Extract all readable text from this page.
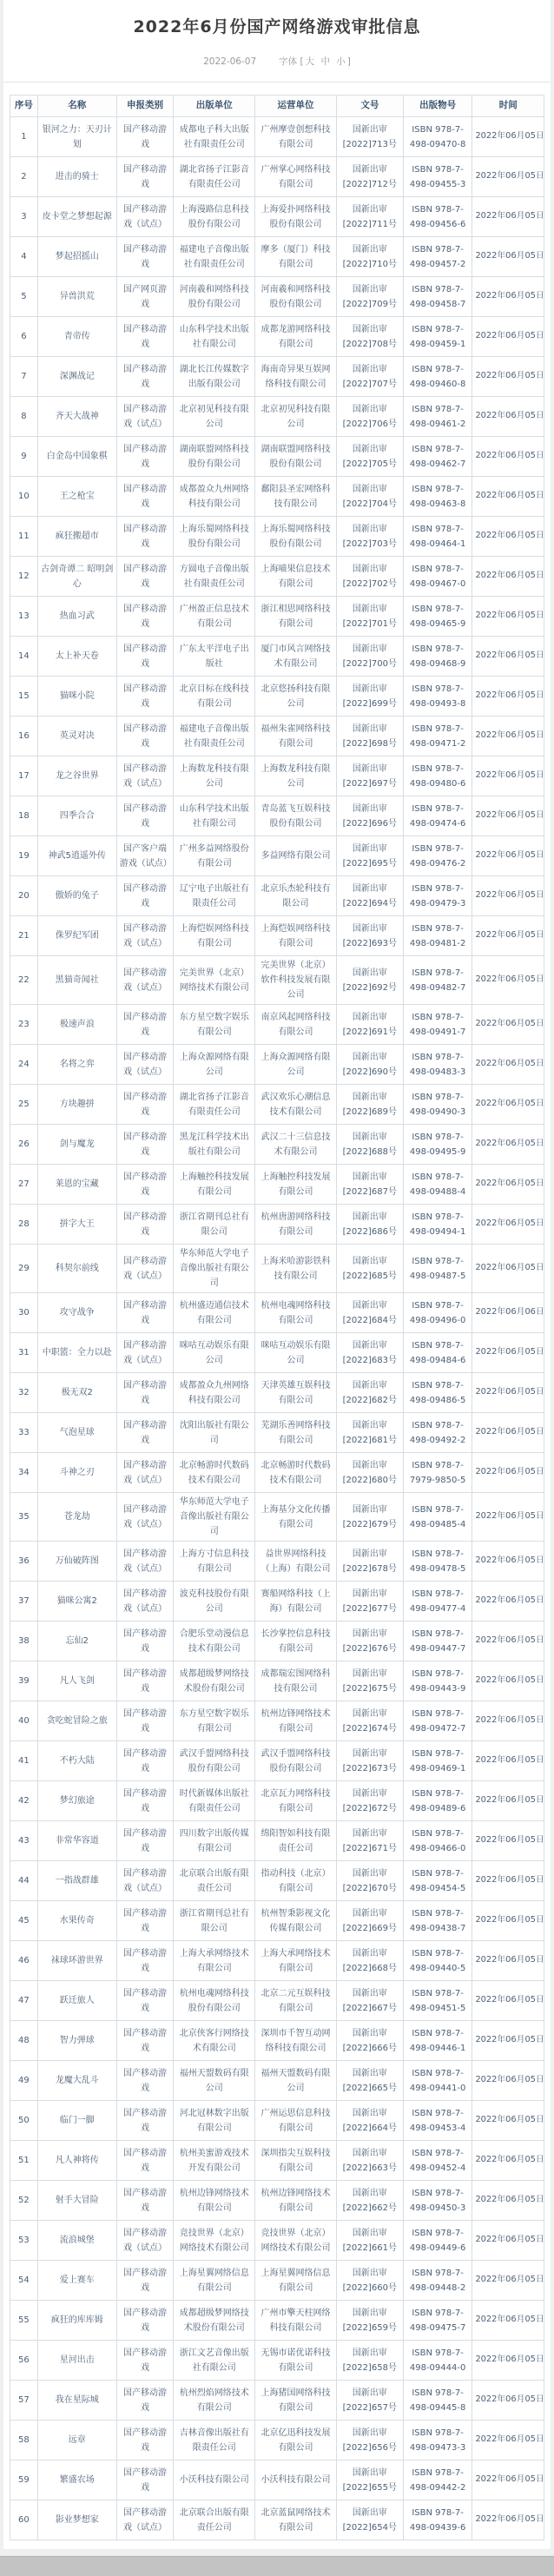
2022年6月份国产网络游戏审批信息
2022-06-07 字体 [ 大 中 小 ]
序号	名称	申报类别	出版单位	运营单位	文号	出版物号	时间
1	银河之力：天刃计划	国产移动游戏	成都电子科大出版社有限责任公司	广州摩壹创想科技有限公司	国新出审[2022]713号	ISBN 978-7-498-09470-8	2022年06月05日
2	进击的骑士	国产移动游戏	湖北省扬子江影音有限责任公司	广州掌心网络科技有限公司	国新出审[2022]712号	ISBN 978-7-498-09455-3	2022年06月05日
3	皮卡堂之梦想起源	国产移动游戏（试点）	上海漫路信息科技股份有限公司	上海爱扑网络科技股份有限公司	国新出审[2022]711号	ISBN 978-7-498-09456-6	2022年06月05日
4	梦起招摇山	国产移动游戏	福建电子音像出版社有限责任公司	摩多（厦门）科技有限公司	国新出审[2022]710号	ISBN 978-7-498-09457-2	2022年06月05日
5	异兽洪荒	国产网页游戏	河南羲和网络科技股份有限公司	河南羲和网络科技股份有限公司	国新出审[2022]709号	ISBN 978-7-498-09458-7	2022年06月05日
6	青帝传	国产移动游戏	山东科学技术出版社有限公司	成都龙游网络科技有限公司	国新出审[2022]708号	ISBN 978-7-498-09459-1	2022年06月05日
7	深渊战记	国产移动游戏	湖北长江传媒数字出版有限公司	海南奇异果互娱网络科技有限公司	国新出审[2022]707号	ISBN 978-7-498-09460-8	2022年06月05日
8	齐天大战神	国产移动游戏（试点）	北京初见科技有限公司	北京初见科技有限公司	国新出审[2022]706号	ISBN 978-7-498-09461-2	2022年06月05日
9	白金岛中国象棋	国产移动游戏	湖南联盟网络科技股份有限公司	湖南联盟网络科技股份有限公司	国新出审[2022]705号	ISBN 978-7-498-09462-7	2022年06月05日
10	王之枪宝	国产移动游戏	成都盈众九州网络科技有限公司	鄱阳县圣宏网络科技有限公司	国新出审[2022]704号	ISBN 978-7-498-09463-8	2022年06月05日
11	疯狂搬超市	国产移动游戏	上海乐蜀网络科技股份有限公司	上海乐蜀网络科技股份有限公司	国新出审[2022]703号	ISBN 978-7-498-09464-1	2022年06月05日
12	古剑奇谭二 昭明剑心	国产移动游戏	方圆电子音像出版社有限责任公司	上海喵果信息技术有限公司	国新出审[2022]702号	ISBN 978-7-498-09467-0	2022年06月05日
13	热血习武	国产移动游戏	广州盈正信息技术有限公司	浙江相思网络科技有限公司	国新出审[2022]701号	ISBN 978-7-498-09465-9	2022年06月05日
14	太上补天卷	国产移动游戏	广东太平洋电子出版社	厦门市风言网络技术有限公司	国新出审[2022]700号	ISBN 978-7-498-09468-9	2022年06月05日
15	猫咪小院	国产移动游戏	北京目标在线科技有限公司	北京悠扬科技有限公司	国新出审[2022]699号	ISBN 978-7-498-09493-8	2022年06月05日
16	英灵对决	国产移动游戏	福建电子音像出版社有限责任公司	福州朱雀网络科技有限公司	国新出审[2022]698号	ISBN 978-7-498-09471-2	2022年06月05日
17	龙之谷世界	国产移动游戏（试点）	上海数龙科技有限公司	上海数龙科技有限公司	国新出审[2022]697号	ISBN 978-7-498-09480-6	2022年06月05日
18	四季合合	国产移动游戏	山东科学技术出版社有限公司	青岛蓝飞互娱科技股份有限公司	国新出审[2022]696号	ISBN 978-7-498-09474-6	2022年06月05日
19	神武5逍遥外传	国产客户端游戏（试点）	广州多益网络股份有限公司	多益网络有限公司	国新出审[2022]695号	ISBN 978-7-498-09476-2	2022年06月05日
20	傲娇的兔子	国产移动游戏	辽宁电子出版社有限责任公司	北京乐杰轮科技有限公司	国新出审[2022]694号	ISBN 978-7-498-09479-3	2022年06月05日
21	侏罗纪军团	国产移动游戏（试点）	上海恺娱网络科技有限公司	上海恺娱网络科技有限公司	国新出审[2022]693号	ISBN 978-7-498-09481-2	2022年06月05日
22	黑猫奇闻社	国产移动游戏（试点）	完美世界（北京）网络技术有限公司	完美世界（北京）软件科技发展有限公司	国新出审[2022]692号	ISBN 978-7-498-09482-7	2022年06月05日
23	极速声浪	国产移动游戏	东方星空数字娱乐有限公司	南京风起网络科技有限公司	国新出审[2022]691号	ISBN 978-7-498-09491-7	2022年06月05日
24	名将之弈	国产移动游戏（试点）	上海众源网络有限公司	上海众源网络有限公司	国新出审[2022]690号	ISBN 978-7-498-09483-3	2022年06月05日
25	方块趣拼	国产移动游戏	湖北省扬子江影音有限责任公司	武汉欢乐心潮信息技术有限公司	国新出审[2022]689号	ISBN 978-7-498-09490-3	2022年06月05日
26	剑与魔龙	国产移动游戏	黑龙江科学技术出版社有限公司	武汉二十三信息技术有限公司	国新出审[2022]688号	ISBN 978-7-498-09495-9	2022年06月05日
27	莱恩的宝藏	国产移动游戏	上海触控科技发展有限公司	上海触控科技发展有限公司	国新出审[2022]687号	ISBN 978-7-498-09488-4	2022年06月05日
28	拼字大王	国产移动游戏	浙江省期刊总社有限公司	杭州唐游网络科技有限公司	国新出审[2022]686号	ISBN 978-7-498-09494-1	2022年06月05日
29	科契尔前线	国产移动游戏（试点）	华东师范大学电子音像出版社有限公司	上海米哈游影铁科技有限公司	国新出审[2022]685号	ISBN 978-7-498-09487-5	2022年06月05日
30	攻守战争	国产移动游戏	杭州盛迈通信技术有限公司	杭州电魂网络科技有限公司	国新出审[2022]684号	ISBN 978-7-498-09496-0	2022年06月06日
31	中职篮：全力以赴	国产移动游戏（试点）	咪咕互动娱乐有限公司	咪咕互动娱乐有限公司	国新出审[2022]683号	ISBN 978-7-498-09484-6	2022年06月05日
32	极无双2	国产移动游戏	成都盈众九州网络科技有限公司	天津英雄互娱科技有限公司	国新出审[2022]682号	ISBN 978-7-498-09486-5	2022年06月05日
33	气泡星球	国产移动游戏	沈阳出版社有限公司	芜湖乐善网络科技有限公司	国新出审[2022]681号	ISBN 978-7-498-09492-2	2022年06月05日
34	斗神之刃	国产移动游戏（试点）	北京畅游时代数码技术有限公司	北京畅游时代数码技术有限公司	国新出审[2022]680号	ISBN 978-7-7979-9850-5	2022年06月05日
35	苍龙劫	国产移动游戏（试点）	华东师范大学电子音像出版社有限公司	上海基分文化传播有限公司	国新出审[2022]679号	ISBN 978-7-498-09485-4	2022年06月05日
36	万仙破阵图	国产移动游戏（试点）	上海方寸信息科技有限公司	益世界网络科技（上海）有限公司	国新出审[2022]678号	ISBN 978-7-498-09478-5	2022年06月05日
37	猫咪公寓2	国产移动游戏（试点）	波克科技股份有限公司	赛船网络科技（上海）有限公司	国新出审[2022]677号	ISBN 978-7-498-09477-4	2022年06月05日
38	忘仙2	国产移动游戏	合肥乐堂动漫信息技术有限公司	长沙掌控信息科技有限公司	国新出审[2022]676号	ISBN 978-7-498-09447-7	2022年06月05日
39	凡人飞剑	国产移动游戏	成都超级梦网络技术股份有限公司	成都瑞宏图网络科技有限公司	国新出审[2022]675号	ISBN 978-7-498-09443-9	2022年06月05日
40	贪吃蛇冒险之旅	国产移动游戏	东方星空数字娱乐有限公司	杭州边锋网络技术有限公司	国新出审[2022]674号	ISBN 978-7-498-09472-7	2022年06月05日
41	不朽大陆	国产移动游戏	武汉手盟网络科技股份有限公司	武汉手盟网络科技股份有限公司	国新出审[2022]673号	ISBN 978-7-498-09469-1	2022年06月05日
42	梦幻旅途	国产移动游戏	时代新媒体出版社有限责任公司	北京瓦力网络科技有限公司	国新出审[2022]672号	ISBN 978-7-498-09489-6	2022年06月05日
43	非常华容道	国产移动游戏	四川数字出版传媒有限公司	绵阳智如科技有限责任公司	国新出审[2022]671号	ISBN 978-7-498-09466-0	2022年06月05日
44	一指战群雄	国产移动游戏（试点）	北京联合出版有限责任公司	指动科技（北京）有限公司	国新出审[2022]670号	ISBN 978-7-498-09454-5	2022年06月05日
45	水果传奇	国产移动游戏	浙江省期刊总社有限公司	杭州智秉影视文化传媒有限公司	国新出审[2022]669号	ISBN 978-7-498-09438-7	2022年06月05日
46	袜球环游世界	国产移动游戏	上海大承网络技术有限公司	上海大承网络技术有限公司	国新出审[2022]668号	ISBN 978-7-498-09440-5	2022年06月05日
47	跃迁旅人	国产移动游戏	杭州电魂网络科技股份有限公司	北京二元互娱科技有限公司	国新出审[2022]667号	ISBN 978-7-498-09451-5	2022年06月05日
48	智力弹球	国产移动游戏	北京侠客行网络技术有限公司	深圳市千智互动网络科技有限公司	国新出审[2022]666号	ISBN 978-7-498-09446-1	2022年06月05日
49	龙魔大乱斗	国产移动游戏	福州天盟数码有限公司	福州天盟数码有限公司	国新出审[2022]665号	ISBN 978-7-498-09441-0	2022年06月05日
50	临门一脚	国产移动游戏	河北冠林数字出版有限公司	广州运思信息科技有限公司	国新出审[2022]664号	ISBN 978-7-498-09453-4	2022年06月05日
51	凡人神将传	国产移动游戏	杭州美蜜游戏技术开发有限公司	深圳指尖互娱科技有限公司	国新出审[2022]663号	ISBN 978-7-498-09452-4	2022年06月05日
52	射手大冒险	国产移动游戏	杭州边锋网络技术有限公司	杭州边锋网络技术有限公司	国新出审[2022]662号	ISBN 978-7-498-09450-3	2022年06月05日
53	流浪城堡	国产移动游戏（试点）	竞技世界（北京）网络技术有限公司	竞技世界（北京）网络技术有限公司	国新出审[2022]661号	ISBN 978-7-498-09449-6	2022年06月05日
54	爱上赛车	国产移动游戏	上海星翼网络信息有限公司	上海星翼网络信息有限公司	国新出审[2022]660号	ISBN 978-7-498-09448-2	2022年06月05日
55	疯狂的库库姆	国产移动游戏	成都超级梦网络技术股份有限公司	广州市擎天柱网络科技有限公司	国新出审[2022]659号	ISBN 978-7-498-09475-7	2022年06月05日
56	星河出击	国产移动游戏	浙江文艺音像出版社有限公司	无锡市诺优诺科技有限公司	国新出审[2022]658号	ISBN 978-7-498-09444-0	2022年06月05日
57	我在星际城	国产移动游戏	杭州烈焰网络技术有限公司	上海猪国网络科技有限公司	国新出审[2022]657号	ISBN 978-7-498-09445-8	2022年06月05日
58	远章	国产移动游戏	吉林音像出版社有限责任公司	北京亿迅科技发展有限公司	国新出审[2022]656号	ISBN 978-7-498-09473-3	2022年06月05日
59	繁盛农场	国产移动游戏	小沃科技有限公司	小沃科技有限公司	国新出审[2022]655号	ISBN 978-7-498-09442-2	2022年06月05日
60	影业梦想家	国产移动游戏（试点）	北京联合出版有限责任公司	北京蓝鼠网络技术有限公司	国新出审[2022]654号	ISBN 978-7-498-09439-6	2022年06月05日
